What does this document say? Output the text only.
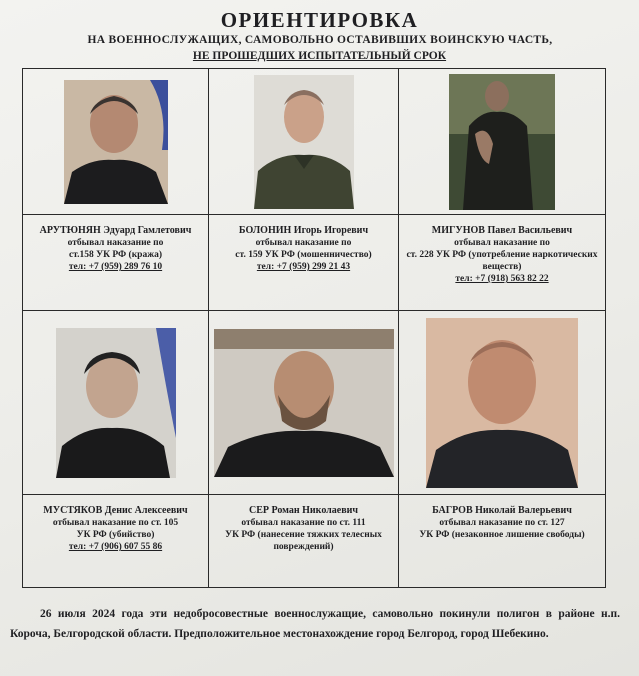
ОРИЕНТИРОВКА
НА ВОЕННОСЛУЖАЩИХ, САМОВОЛЬНО ОСТАВИВШИХ ВОИНСКУЮ ЧАСТЬ,
НЕ ПРОШЕДШИХ ИСПЫТАТЕЛЬНЫЙ СРОК
АРУТЮНЯН Эдуард Гамлетович
отбывал наказание по
ст.158 УК РФ (кража)
тел: +7 (959) 289 76 10
БОЛОНИН Игорь Игоревич
отбывал наказание по
ст. 159 УК РФ (мошенничество)
тел: +7 (959) 299 21 43
МИГУНОВ Павел Васильевич
отбывал наказание по
ст. 228 УК РФ (употребление наркотических веществ)
тел: +7 (918) 563 82 22
МУСТЯКОВ Денис Алексеевич
отбывал наказание по ст. 105
УК РФ (убийство)
тел: +7 (906) 607 55 86
СЕР Роман Николаевич
отбывал наказание по ст. 111
УК РФ (нанесение тяжких телесных повреждений)
БАГРОВ Николай Валерьевич
отбывал наказание по ст. 127
УК РФ (незаконное лишение свободы)
26 июля 2024 года эти недобросовестные военнослужащие, самовольно покинули полигон в районе н.п. Короча, Белгородской области. Предположительное местонахождение город Белгород, город Шебекино.
